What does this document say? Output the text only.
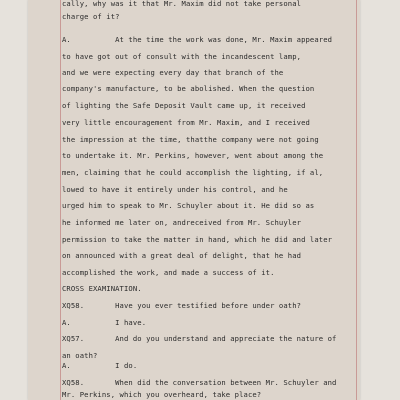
cally, why was it that Mr. Maxim did not take personal
charge of it?
A.          At the time the work was done, Mr. Maxim appeared
to have got out of consult with the incandescent lamp,
and we were expecting every day that branch of the
company's manufacture, to be abolished. When the question
of lighting the Safe Deposit Vault came up, it received
very little encouragement from Mr. Maxim, and I received
the impression at the time, thatthe company were not going
to undertake it. Mr. Perkins, however, went about among the
men, claiming that he could accomplish the lighting, if al,
lowed to have it entirely under his control, and he
urged him to speak to Mr. Schuyler about it. He did so as
he informed me later on, andreceived from Mr. Schuyler
permission to take the matter in hand, which he did and later
on announced with a great deal of delight, that he had
accomplished the work, and made a success of it.
CROSS EXAMINATION.
XQ58.       Have you ever testified before under oath?
A.          I have.
XQ57.       And do you understand and appreciate the nature of
an oath?
A.          I do.
XQ58.       When did the conversation between Mr. Schuyler and
Mr. Perkins, which you overheard, take place?
